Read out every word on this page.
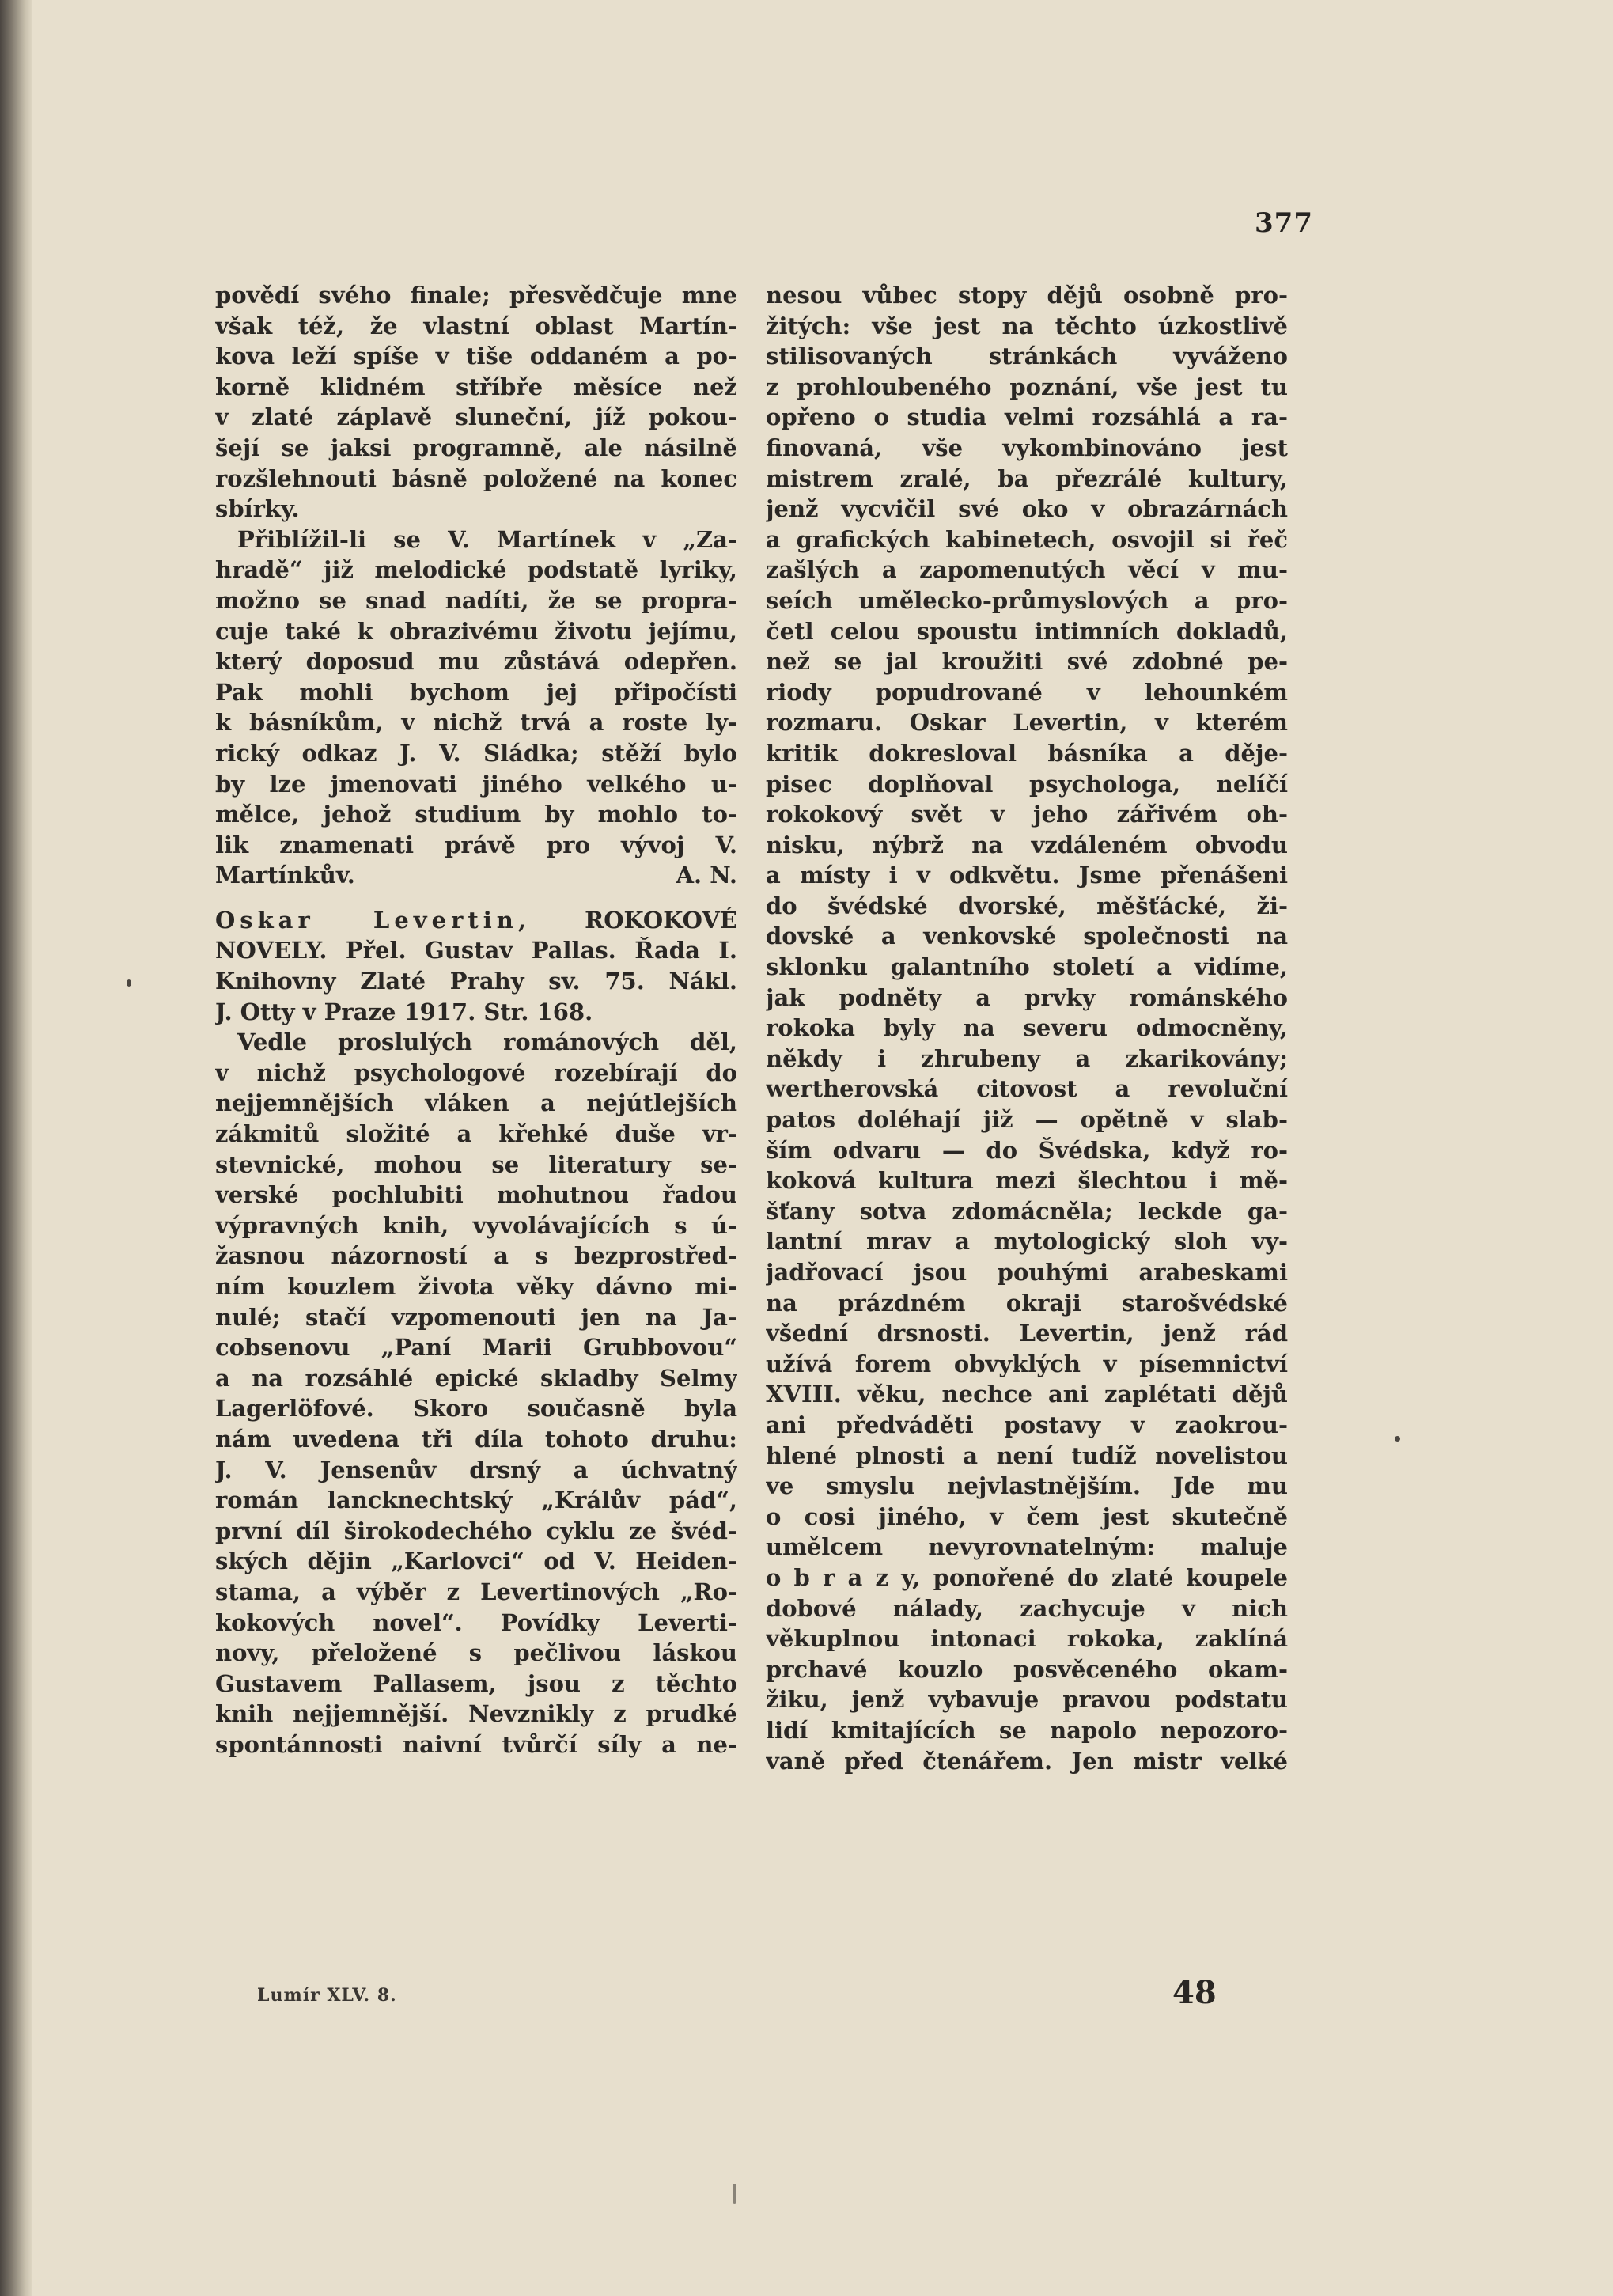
377
povědí svého finale; přesvědčuje mne
však též, že vlastní oblast Martín-
kova leží spíše v tiše oddaném a po-
korně klidném stříbře měsíce než
v zlaté záplavě sluneční, jíž pokou-
šejí se jaksi programně, ale násilně
rozšlehnouti básně položené na konec
sbírky.
Přiblížil-li se V. Martínek v „Za-
hradě“ již melodické podstatě lyriky,
možno se snad nadíti, že se propra-
cuje také k obrazivému životu jejímu,
který doposud mu zůstává odepřen.
Pak mohli bychom jej připočísti
k básníkům, v nichž trvá a roste ly-
rický odkaz J. V. Sládka; stěží bylo
by lze jmenovati jiného velkého u-
mělce, jehož studium by mohlo to-
lik znamenati právě pro vývoj V.
Martínkův.	A. N.
Oskar Levertin, ROKOKOVÉ
NOVELY. Přel. Gustav Pallas. Řada I.
Knihovny Zlaté Prahy sv. 75. Nákl.
J. Otty v Praze 1917. Str. 168.
Vedle proslulých románových děl,
v nichž psychologové rozebírají do
nejjemnějších vláken a nejútlejších
zákmitů složité a křehké duše vr-
stevnické, mohou se literatury se-
verské pochlubiti mohutnou řadou
výpravných knih, vyvolávajících s ú-
žasnou názorností a s bezprostřed-
ním kouzlem života věky dávno mi-
nulé; stačí vzpomenouti jen na Ja-
cobsenovu „Paní Marii Grubbovou“
a na rozsáhlé epické skladby Selmy
Lagerlöfové. Skoro současně byla
nám uvedena tři díla tohoto druhu:
J. V. Jensenův drsný a úchvatný
román lancknechtský „Králův pád“,
první díl širokodechého cyklu ze švéd-
ských dějin „Karlovci“ od V. Heiden-
stama, a výběr z Levertinových „Ro-
kokových novel“. Povídky Leverti-
novy, přeložené s pečlivou láskou
Gustavem Pallasem, jsou z těchto
knih nejjemnější. Nevznikly z prudké
spontánnosti naivní tvůrčí síly a ne-
nesou vůbec stopy dějů osobně pro-
žitých: vše jest na těchto úzkostlivě
stilisovaných stránkách vyváženo
z prohloubeného poznání, vše jest tu
opřeno o studia velmi rozsáhlá a ra-
finovaná, vše vykombinováno jest
mistrem zralé, ba přezrálé kultury,
jenž vycvičil své oko v obrazárnách
a grafických kabinetech, osvojil si řeč
zašlých a zapomenutých věcí v mu-
seích umělecko-průmyslových a pro-
četl celou spoustu intimních dokladů,
než se jal kroužiti své zdobné pe-
riody popudrované v lehounkém
rozmaru. Oskar Levertin, v kterém
kritik dokresloval básníka a děje-
pisec doplňoval psychologa, nelíčí
rokokový svět v jeho zářivém oh-
nisku, nýbrž na vzdáleném obvodu
a místy i v odkvětu. Jsme přenášeni
do švédské dvorské, měšťácké, ži-
dovské a venkovské společnosti na
sklonku galantního století a vidíme,
jak podněty a prvky románského
rokoka byly na severu odmocněny,
někdy i zhrubeny a zkarikovány;
wertherovská citovost a revoluční
patos doléhají již — opětně v slab-
ším odvaru — do Švédska, když ro-
koková kultura mezi šlechtou i mě-
šťany sotva zdomácněla; leckde ga-
lantní mrav a mytologický sloh vy-
jadřovací jsou pouhými arabeskami
na prázdném okraji starošvédské
všední drsnosti. Levertin, jenž rád
užívá forem obvyklých v písemnictví
XVIII. věku, nechce ani zaplétati dějů
ani předváděti postavy v zaokrou-
hlené plnosti a není tudíž novelistou
ve smyslu nejvlastnějším. Jde mu
o cosi jiného, v čem jest skutečně
umělcem nevyrovnatelným: maluje
o b r a z y, ponořené do zlaté koupele
dobové nálady, zachycuje v nich
věkuplnou intonaci rokoka, zaklíná
prchavé kouzlo posvěceného okam-
žiku, jenž vybavuje pravou podstatu
lidí kmitajících se napolo nepozoro-
vaně před čtenářem. Jen mistr velké
Lumír XLV. 8.	48
